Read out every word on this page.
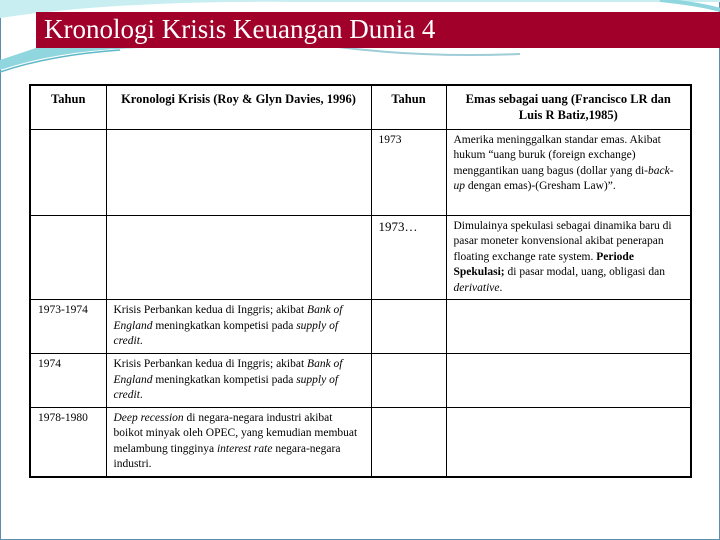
Kronologi Krisis Keuangan Dunia 4
Tahun	Kronologi Krisis (Roy & Glyn Davies, 1996)	Tahun	Emas sebagai uang (Francisco LR dan Luis R Batiz,1985)
		1973	Amerika meninggalkan standar emas. Akibat hukum “uang buruk (foreign exchange) menggantikan uang bagus (dollar yang di-back-up dengan emas)-(Gresham Law)”.
		1973…	Dimulainya spekulasi sebagai dinamika baru di pasar moneter konvensional akibat penerapan floating exchange rate system. Periode Spekulasi; di pasar modal, uang, obligasi dan derivative.
1973-1974	Krisis Perbankan kedua di Inggris; akibat Bank of England meningkatkan kompetisi pada supply of credit.		
1974	Krisis Perbankan kedua di Inggris; akibat Bank of England meningkatkan kompetisi pada supply of credit.		
1978-1980	Deep recession di negara-negara industri akibat boikot minyak oleh OPEC, yang kemudian membuat melambung tingginya interest rate negara-negara industri.		
